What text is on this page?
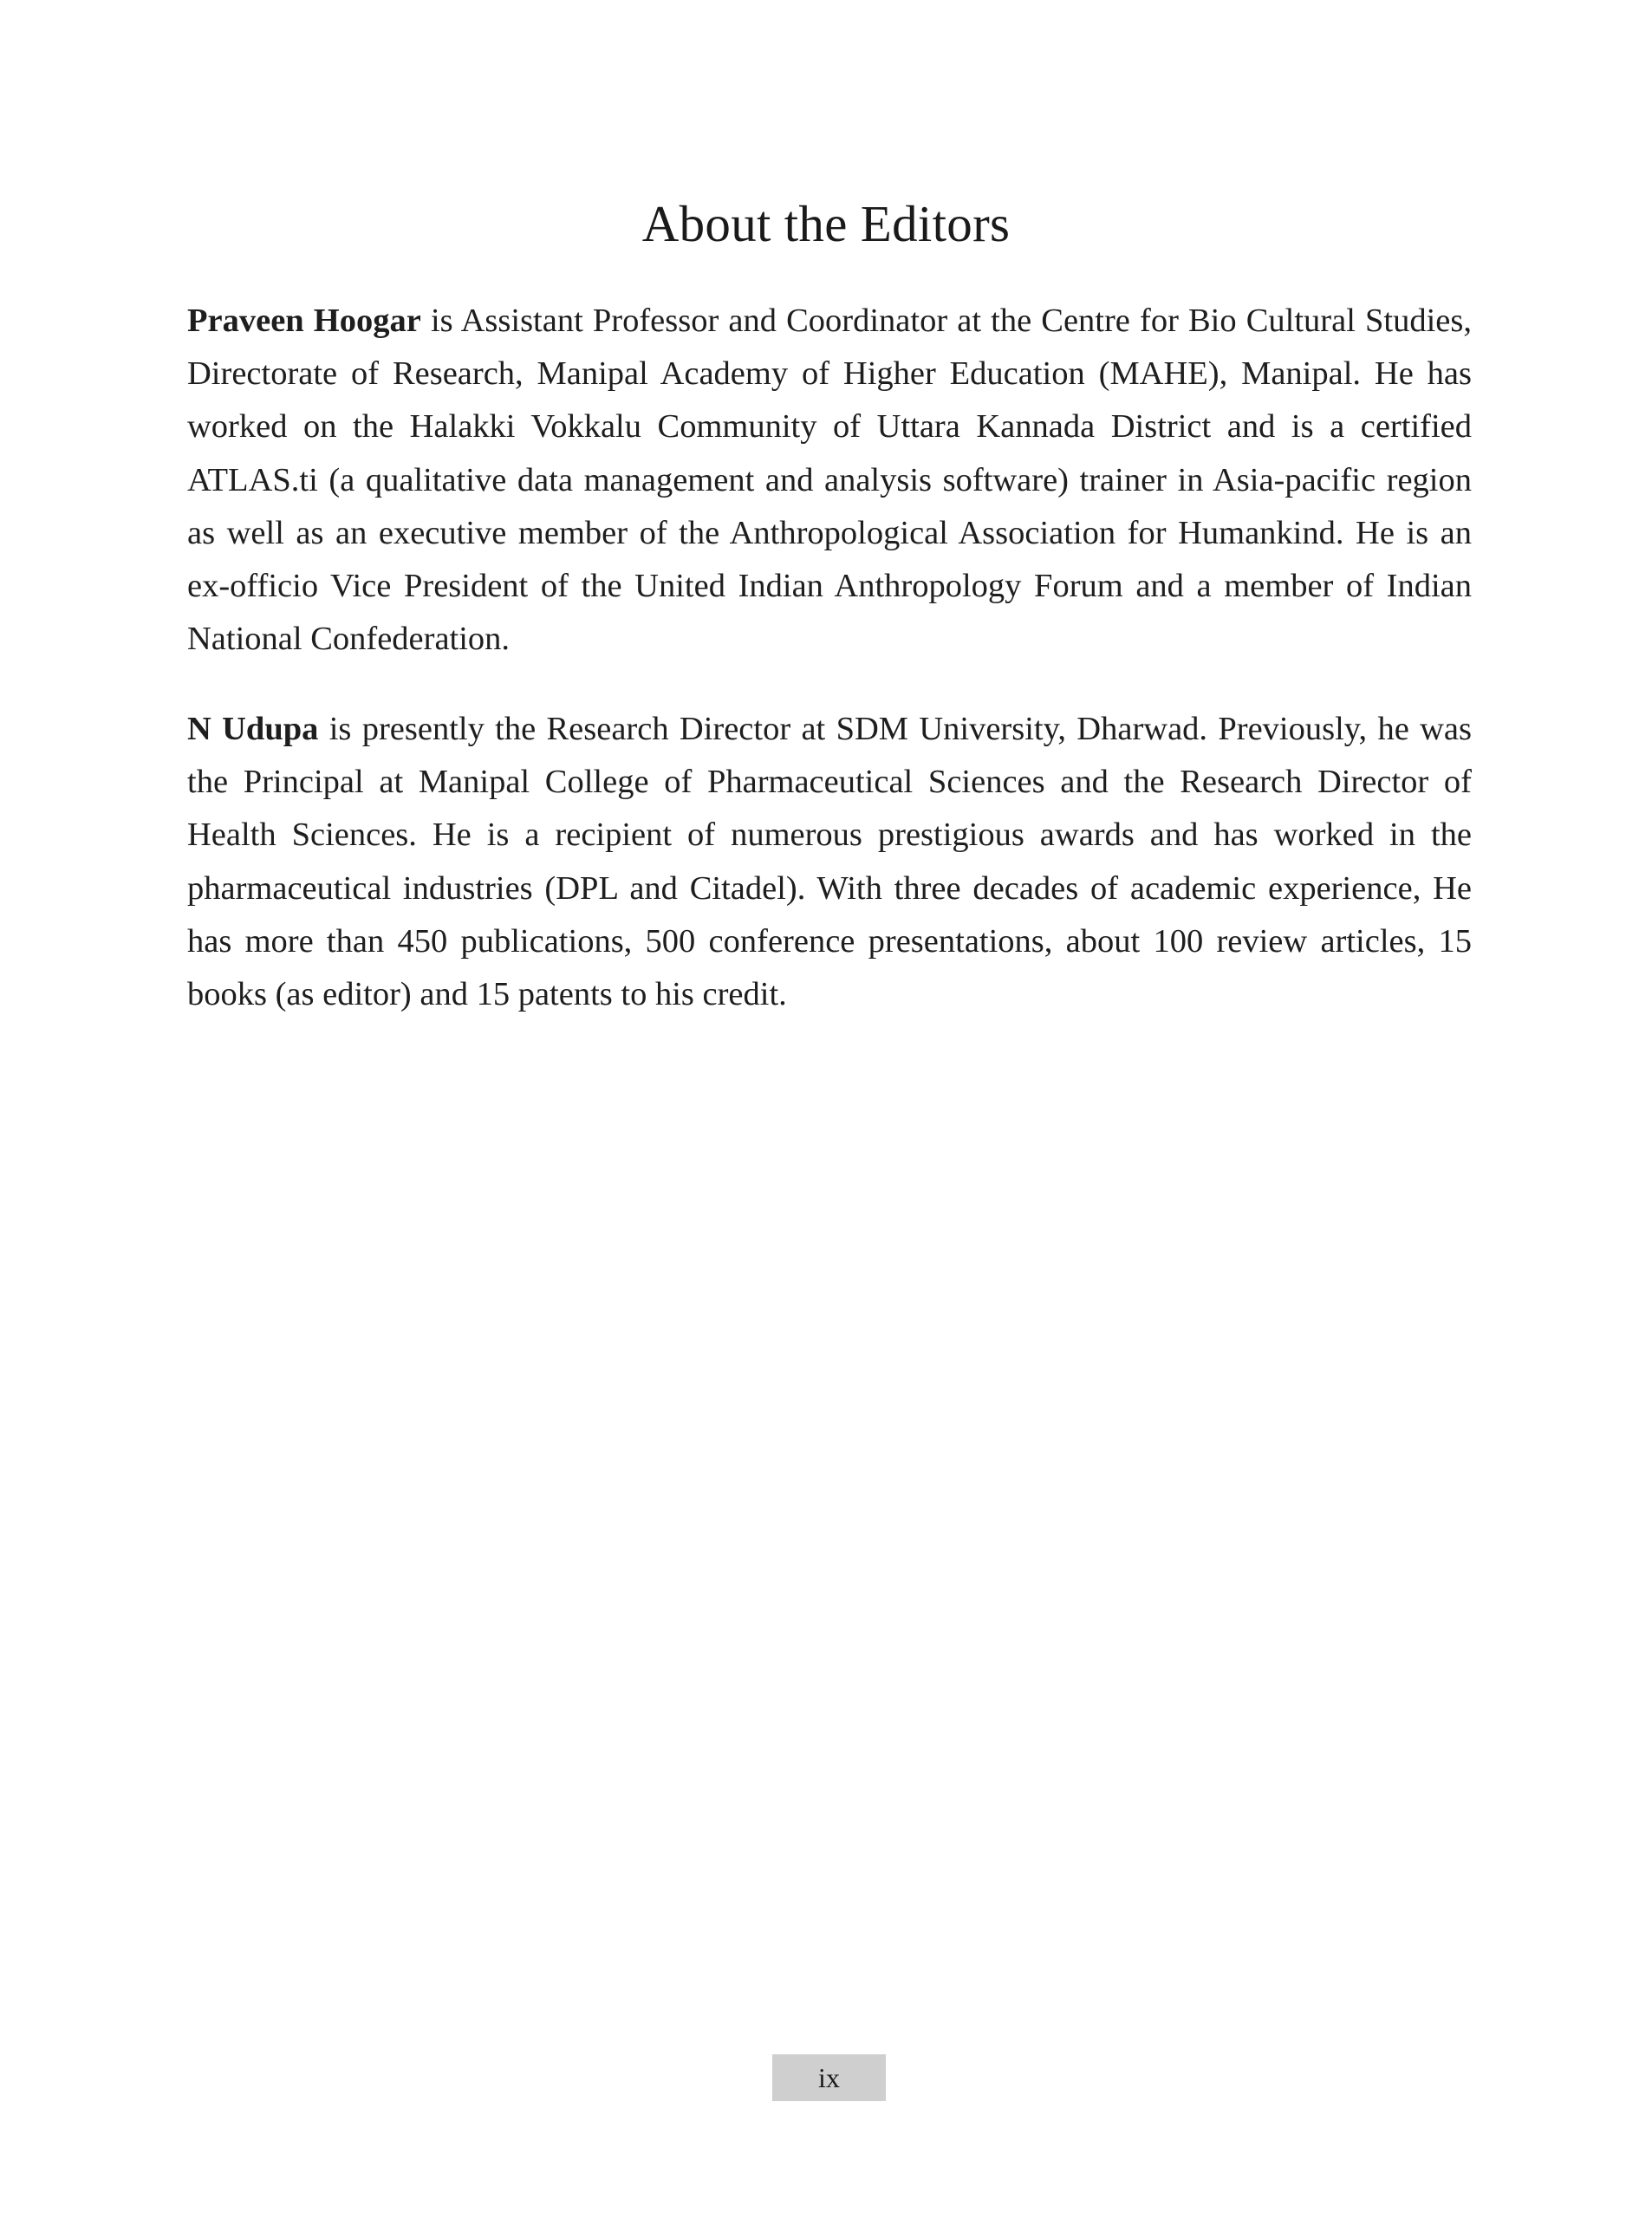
About the Editors

Praveen Hoogar is Assistant Professor and Coordinator at the Centre for Bio Cultural Studies, Directorate of Research, Manipal Academy of Higher Education (MAHE), Manipal. He has worked on the Halakki Vokkalu Community of Uttara Kannada District and is a certified ATLAS.ti (a qualitative data management and analysis software) trainer in Asia-pacific region as well as an executive member of the Anthropological Association for Humankind. He is an ex-officio Vice President of the United Indian Anthropology Forum and a member of Indian National Confederation.

N Udupa is presently the Research Director at SDM University, Dharwad. Previously, he was the Principal at Manipal College of Pharmaceutical Sciences and the Research Director of Health Sciences. He is a recipient of numerous prestigious awards and has worked in the pharmaceutical industries (DPL and Citadel). With three decades of academic experience, He has more than 450 publications, 500 conference presentations, about 100 review articles, 15 books (as editor) and 15 patents to his credit.

ix
